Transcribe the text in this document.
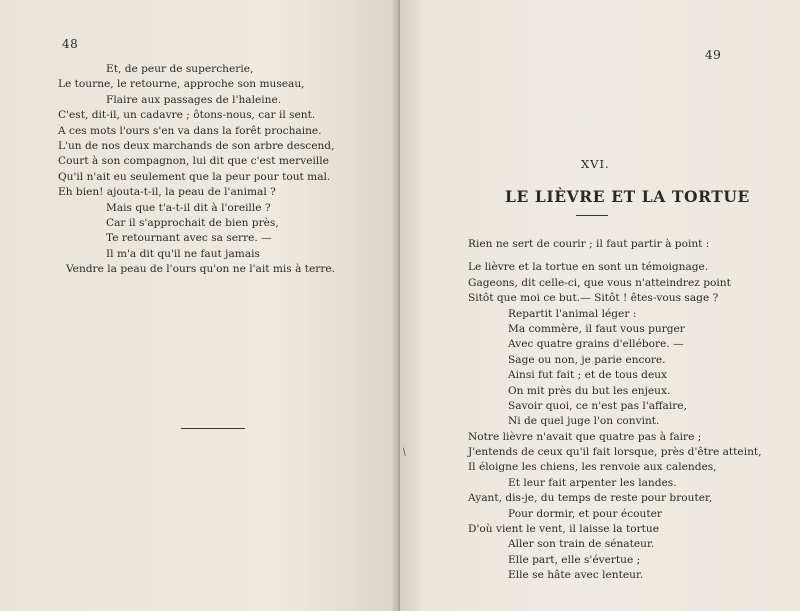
48
Et, de peur de supercherie,
Le tourne, le retourne, approche son museau,
Flaire aux passages de l'haleine.
C'est, dit-il, un cadavre ; ôtons-nous, car il sent.
A ces mots l'ours s'en va dans la forêt prochaine.
L'un de nos deux marchands de son arbre descend,
Court à son compagnon, lui dit que c'est merveille
Qu'il n'ait eu seulement que la peur pour tout mal.
Eh bien! ajouta-t-il, la peau de l'animal ?
Mais que t'a-t-il dit à l'oreille ?
Car il s'approchait de bien près,
Te retournant avec sa serre. —
Il m'a dit qu'il ne faut jamais
Vendre la peau de l'ours qu'on ne l'ait mis à terre.
49
XVI.
LE LIÈVRE ET LA TORTUE
/
Rien ne sert de courir ; il faut partir à point :
Le lièvre et la tortue en sont un témoignage.
Gageons, dit celle-ci, que vous n'atteindrez point
Sitôt que moi ce but.— Sitôt ! êtes-vous sage ?
Repartit l'animal léger :
Ma commère, il faut vous purger
Avec quatre grains d'ellébore. —
Sage ou non, je parie encore.
Ainsi fut fait ; et de tous deux
On mit près du but les enjeux.
Savoir quoi, ce n'est pas l'affaire,
Ni de quel juge l'on convint.
Notre lièvre n'avait que quatre pas à faire ;
J'entends de ceux qu'il fait lorsque, près d'être atteint,
Il éloigne les chiens, les renvoie aux calendes,
Et leur fait arpenter les landes.
Ayant, dis-je, du temps de reste pour brouter,
Pour dormir, et pour écouter
D'où vient le vent, il laisse la tortue
Aller son train de sénateur.
Elle part, elle s'évertue ;
Elle se hâte avec lenteur.
